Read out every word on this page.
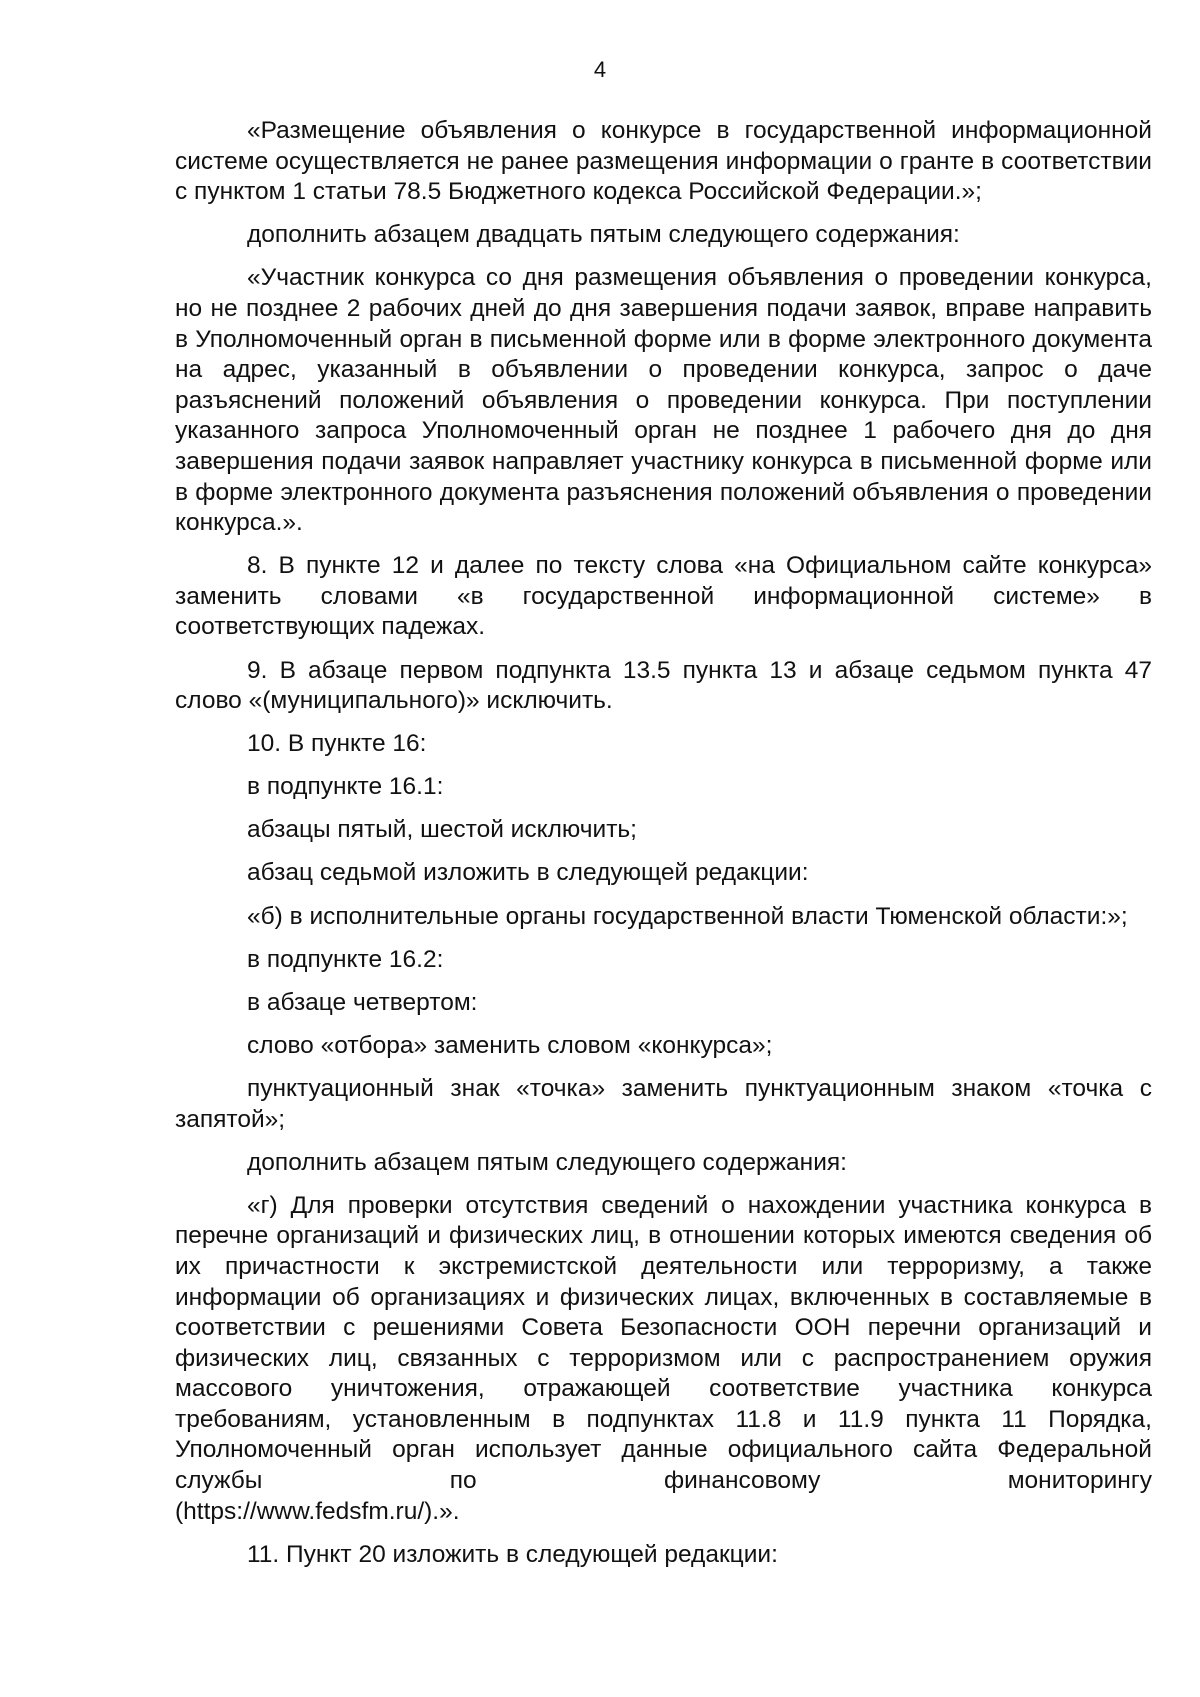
4

«Размещение объявления о конкурсе в государственной информационной системе осуществляется не ранее размещения информации о гранте в соответствии с пунктом 1 статьи 78.5 Бюджетного кодекса Российской Федерации.»;

дополнить абзацем двадцать пятым следующего содержания:

«Участник конкурса со дня размещения объявления о проведении конкурса, но не позднее 2 рабочих дней до дня завершения подачи заявок, вправе направить в Уполномоченный орган в письменной форме или в форме электронного документа на адрес, указанный в объявлении о проведении конкурса, запрос о даче разъяснений положений объявления о проведении конкурса. При поступлении указанного запроса Уполномоченный орган не позднее 1 рабочего дня до дня завершения подачи заявок направляет участнику конкурса в письменной форме или в форме электронного документа разъяснения положений объявления о проведении конкурса.».

8. В пункте 12 и далее по тексту слова «на Официальном сайте конкурса» заменить словами «в государственной информационной системе» в соответствующих падежах.

9. В абзаце первом подпункта 13.5 пункта 13 и абзаце седьмом пункта 47 слово «(муниципального)» исключить.

10. В пункте 16:

в подпункте 16.1:

абзацы пятый, шестой исключить;

абзац седьмой изложить в следующей редакции:

«б) в исполнительные органы государственной власти Тюменской области:»;

в подпункте 16.2:

в абзаце четвертом:

слово «отбора» заменить словом «конкурса»;

пунктуационный знак «точка» заменить пунктуационным знаком «точка с запятой»;

дополнить абзацем пятым следующего содержания:

«г) Для проверки отсутствия сведений о нахождении участника конкурса в перечне организаций и физических лиц, в отношении которых имеются сведения об их причастности к экстремистской деятельности или терроризму, а также информации об организациях и физических лицах, включенных в составляемые в соответствии с решениями Совета Безопасности ООН перечни организаций и физических лиц, связанных с терроризмом или с распространением оружия массового уничтожения, отражающей соответствие участника конкурса требованиям, установленным в подпунктах 11.8 и 11.9 пункта 11 Порядка, Уполномоченный орган использует данные официального сайта Федеральной службы по финансовому мониторингу

(https://www.fedsfm.ru/).».

11. Пункт 20 изложить в следующей редакции:
